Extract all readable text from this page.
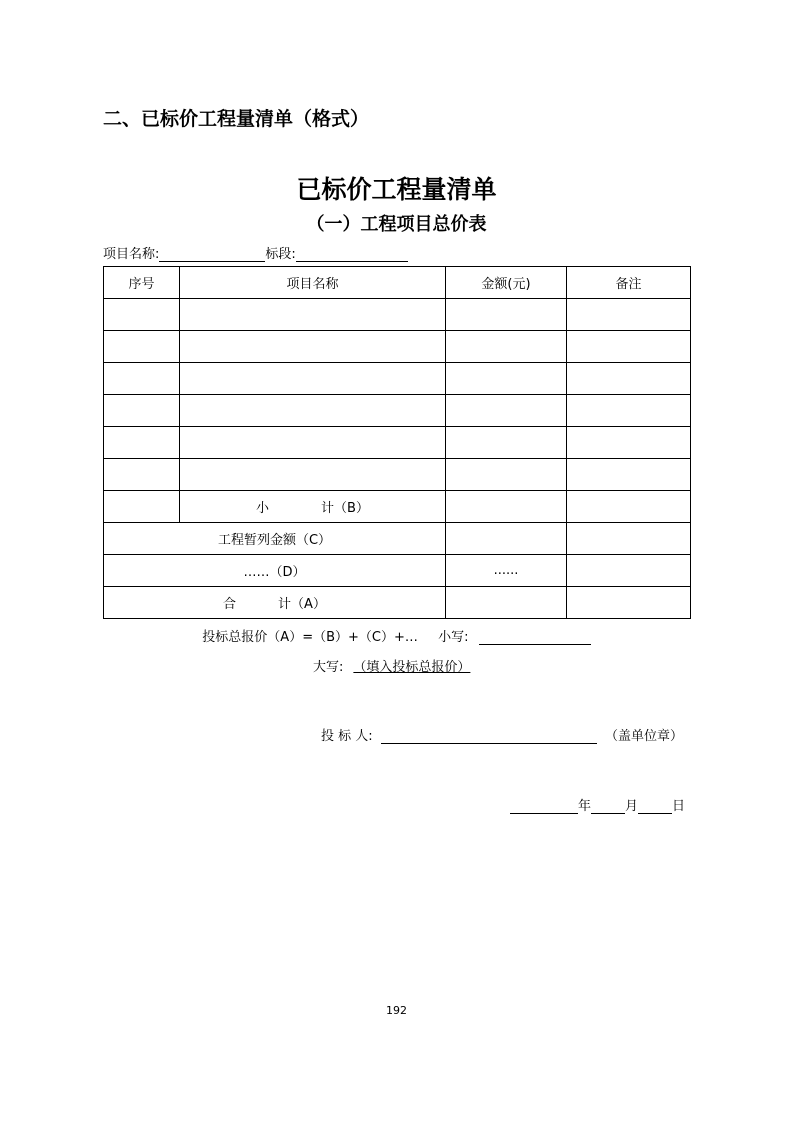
二、已标价工程量清单（格式）
已标价工程量清单
（一）工程项目总价表
项目名称:	标段:
序号	项目名称	金额(元)	备注

	小 计（B）		
工程暂列金额（C）			
……（D）		......	
合 计（A）			
投标总报价（A）=（B）+（C）+… 小写:
大写: （填入投标总报价）
投 标 人:	（盖单位章）
年	月	日
192
